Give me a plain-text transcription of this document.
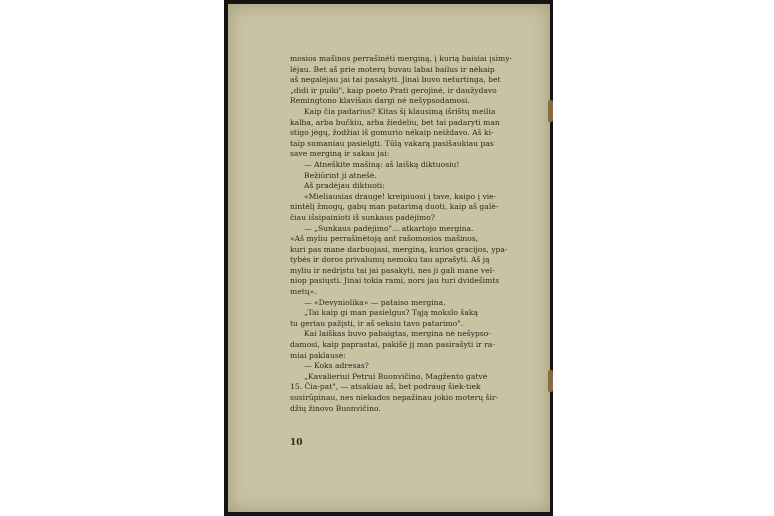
mosios mašinos perrašinėti merginą, į kurią baisiai įsimy-
lėjau. Bet aš prie moterų buvau labai bailus ir nėkaip
aš negalėjau jai tai pasakyti. Jinai buvo neturtinga, bet
„didi ir puiki", kaip poeto Prati gerojinė, ir daužydavo
Remingtono klavišais dargi nė nešypsodamosi.
Kaip čia padarius? Kitas šį klausimą išrištų meilia
kalba, arba bučkiu, arba žiedeliu, bet tai padaryti man
stigo jėgų, žodžiai iš gomurio nėkaip neiždavo. Aš ki-
taip sumaniau pasielgti. Tūlą vakarą pasišaukiau pas
save merginą ir sakau jai:
— Atneškite mašiną: aš laišką diktuosiu!
Bežiūrint ji atnešė.
Aš pradėjau diktuoti:
«Mieliausias drauge! kreipiuosi į tave, kaipo į vie-
nintėlį žmogų, gabų man patarimą duoti, kaip aš galė-
čiau išsipainioti iš sunkaus padėjimo?
— „Sunkaus padėjimo"... atkartojo mergina.
«Aš myliu perrašinėtoją ant rašomosios mašinos,
kuri pas mane darbuojasi, merginą, kurios gracijos, ypa-
tybės ir doros privalumų nemoku tau aprašyti. Aš ją
myliu ir nedrįstu tai jai pasakyti, nes ji gali mane vel-
niop pasiųsti. Jinai tokia rami, nors jau turi dvidešimts
metų».
— «Devyniolika» — pataiso mergina.
„Tai kaip gi man pasielgus? Tąją mokslo šaką
tu geriau pažįsti, ir aš seksiu tavo patarimo".
Kai laiškas buvo pabaigtas, mergina nė nešypso-
damosi, kaip paprastai, pakišė jį man pasirašyti ir ra-
miai paklausė:
— Koks adresas?
„Kavalieriui Petrui Buonvičino, Magžento gatvė
15. Čia-pat", — atsakiau aš, bet podraug šiek-tiek
susirūpinau, nes niekados nepažinau jokio moterų šir-
džių žinovo Buonvičino.
10
